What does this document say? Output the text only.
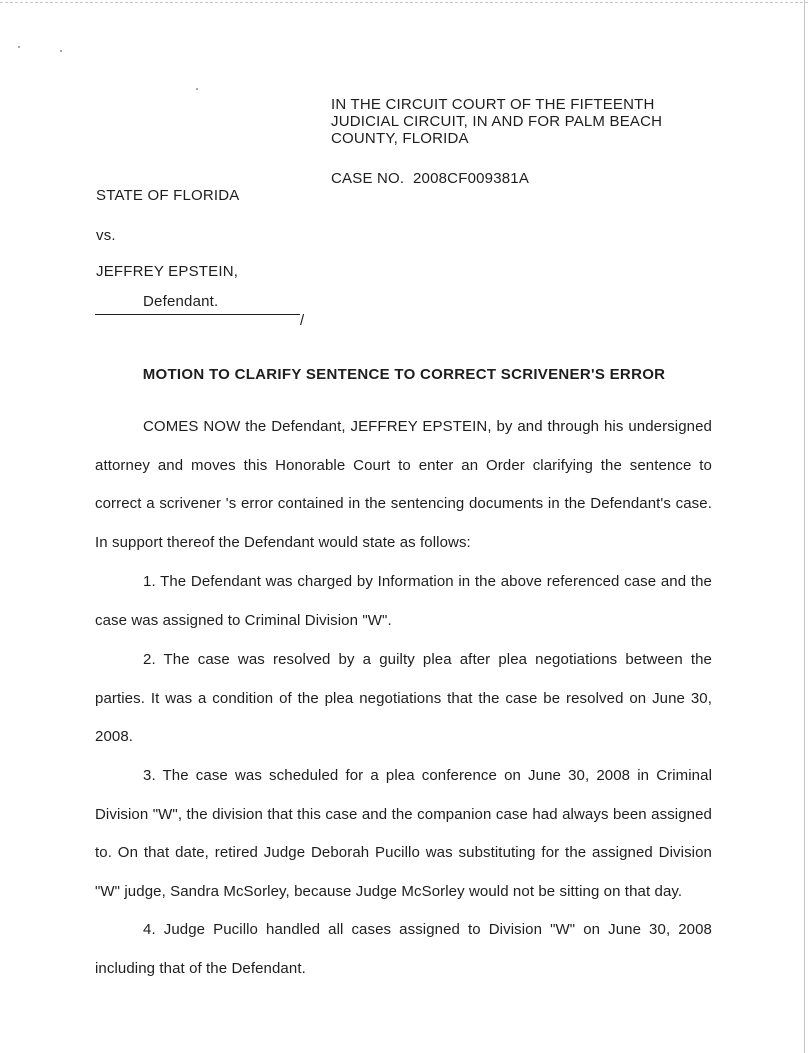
IN THE CIRCUIT COURT OF THE FIFTEENTH
JUDICIAL CIRCUIT, IN AND FOR PALM BEACH
COUNTY, FLORIDA
CASE NO.  2008CF009381A
STATE OF FLORIDA
vs.
JEFFREY EPSTEIN,
Defendant.
/
MOTION TO CLARIFY SENTENCE TO CORRECT SCRIVENER'S ERROR
COMES NOW the Defendant, JEFFREY EPSTEIN, by and through his undersigned attorney and moves this Honorable Court to enter an Order clarifying the sentence to correct a scrivener 's error contained in the sentencing documents in the Defendant's case. In support thereof the Defendant would state as follows:
1. The Defendant was charged by Information in the above referenced case and the case was assigned to Criminal Division "W".
2. The case was resolved by a guilty plea after plea negotiations between the parties. It was a condition of the plea negotiations that the case be resolved on June 30, 2008.
3. The case was scheduled for a plea conference on June 30, 2008 in Criminal Division "W", the division that this case and the companion case had always been assigned to. On that date, retired Judge Deborah Pucillo was substituting for the assigned Division "W" judge, Sandra McSorley, because Judge McSorley would not be sitting on that day.
4. Judge Pucillo handled all cases assigned to Division "W" on June 30, 2008 including that of the Defendant.
